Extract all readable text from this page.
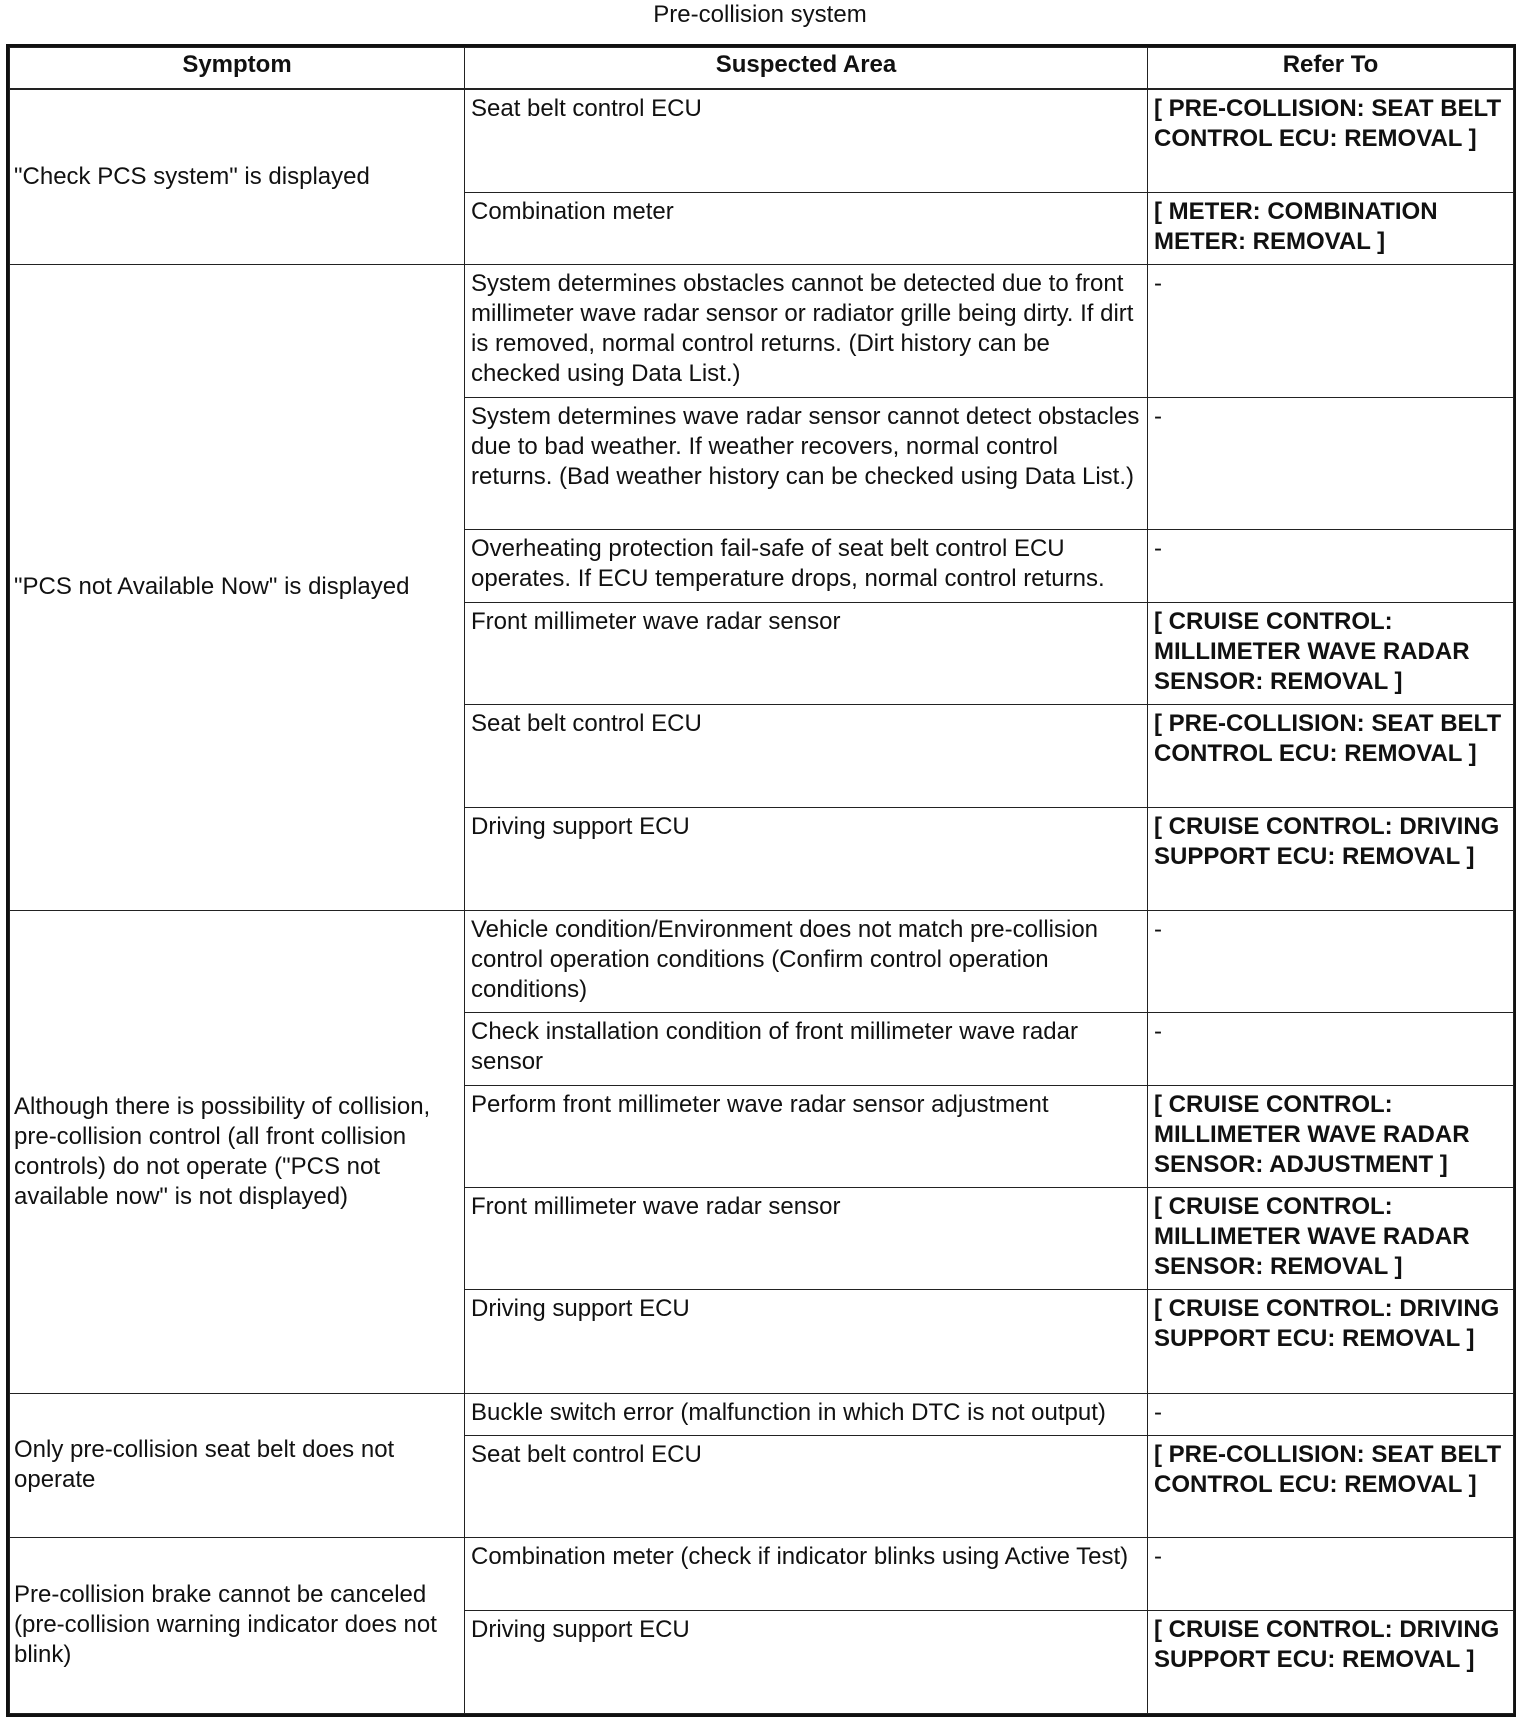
Pre-collision system
Symptom	Suspected Area	Refer To
"Check PCS system" is displayed	Seat belt control ECU	[ PRE-COLLISION: SEAT BELT CONTROL ECU: REMOVAL ]
	Combination meter	[ METER: COMBINATION METER: REMOVAL ]
"PCS not Available Now" is displayed	System determines obstacles cannot be detected due to front millimeter wave radar sensor or radiator grille being dirty. If dirt is removed, normal control returns. (Dirt history can be checked using Data List.)	-
	System determines wave radar sensor cannot detect obstacles due to bad weather. If weather recovers, normal control returns. (Bad weather history can be checked using Data List.)	-
	Overheating protection fail-safe of seat belt control ECU operates. If ECU temperature drops, normal control returns.	-
	Front millimeter wave radar sensor	[ CRUISE CONTROL: MILLIMETER WAVE RADAR SENSOR: REMOVAL ]
	Seat belt control ECU	[ PRE-COLLISION: SEAT BELT CONTROL ECU: REMOVAL ]
	Driving support ECU	[ CRUISE CONTROL: DRIVING SUPPORT ECU: REMOVAL ]
Although there is possibility of collision, pre-collision control (all front collision controls) do not operate ("PCS not available now" is not displayed)	Vehicle condition/Environment does not match pre-collision control operation conditions (Confirm control operation conditions)	-
	Check installation condition of front millimeter wave radar sensor	-
	Perform front millimeter wave radar sensor adjustment	[ CRUISE CONTROL: MILLIMETER WAVE RADAR SENSOR: ADJUSTMENT ]
	Front millimeter wave radar sensor	[ CRUISE CONTROL: MILLIMETER WAVE RADAR SENSOR: REMOVAL ]
	Driving support ECU	[ CRUISE CONTROL: DRIVING SUPPORT ECU: REMOVAL ]
Only pre-collision seat belt does not operate	Buckle switch error (malfunction in which DTC is not output)	-
	Seat belt control ECU	[ PRE-COLLISION: SEAT BELT CONTROL ECU: REMOVAL ]
Pre-collision brake cannot be canceled (pre-collision warning indicator does not blink)	Combination meter (check if indicator blinks using Active Test)	-
	Driving support ECU	[ CRUISE CONTROL: DRIVING SUPPORT ECU: REMOVAL ]
